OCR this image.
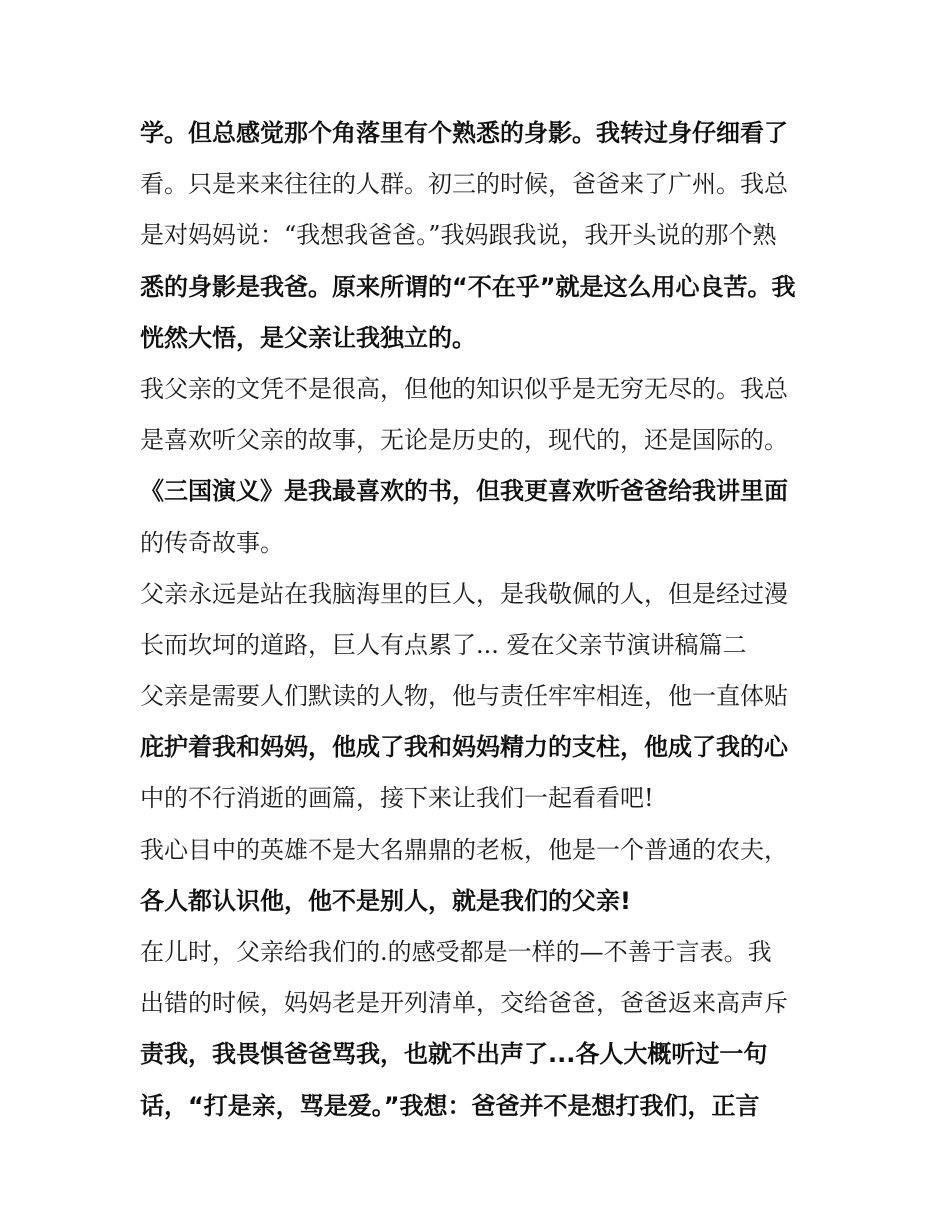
学。但总感觉那个角落里有个熟悉的身影。我转过身仔细看了
看。只是来来往往的人群。初三的时候，爸爸来了广州。我总
是对妈妈说：“我想我爸爸。”我妈跟我说，我开头说的那个熟
悉的身影是我爸。原来所谓的“不在乎”就是这么用心良苦。我
恍然大悟，是父亲让我独立的。
我父亲的文凭不是很高，但他的知识似乎是无穷无尽的。我总
是喜欢听父亲的故事，无论是历史的，现代的，还是国际的。
《三国演义》是我最喜欢的书，但我更喜欢听爸爸给我讲里面
的传奇故事。
父亲永远是站在我脑海里的巨人，是我敬佩的人，但是经过漫
长而坎坷的道路，巨人有点累了... 爱在父亲节演讲稿篇二
父亲是需要人们默读的人物，他与责任牢牢相连，他一直体贴
庇护着我和妈妈，他成了我和妈妈精力的支柱，他成了我的心
中的不行消逝的画篇，接下来让我们一起看看吧!
我心目中的英雄不是大名鼎鼎的老板，他是一个普通的农夫，
各人都认识他，他不是别人，就是我们的父亲!
在儿时，父亲给我们的.的感受都是一样的—不善于言表。我
出错的时候，妈妈老是开列清单，交给爸爸，爸爸返来高声斥
责我，我畏惧爸爸骂我，也就不出声了...各人大概听过一句
话，“打是亲，骂是爱。”我想：爸爸并不是想打我们，正言
